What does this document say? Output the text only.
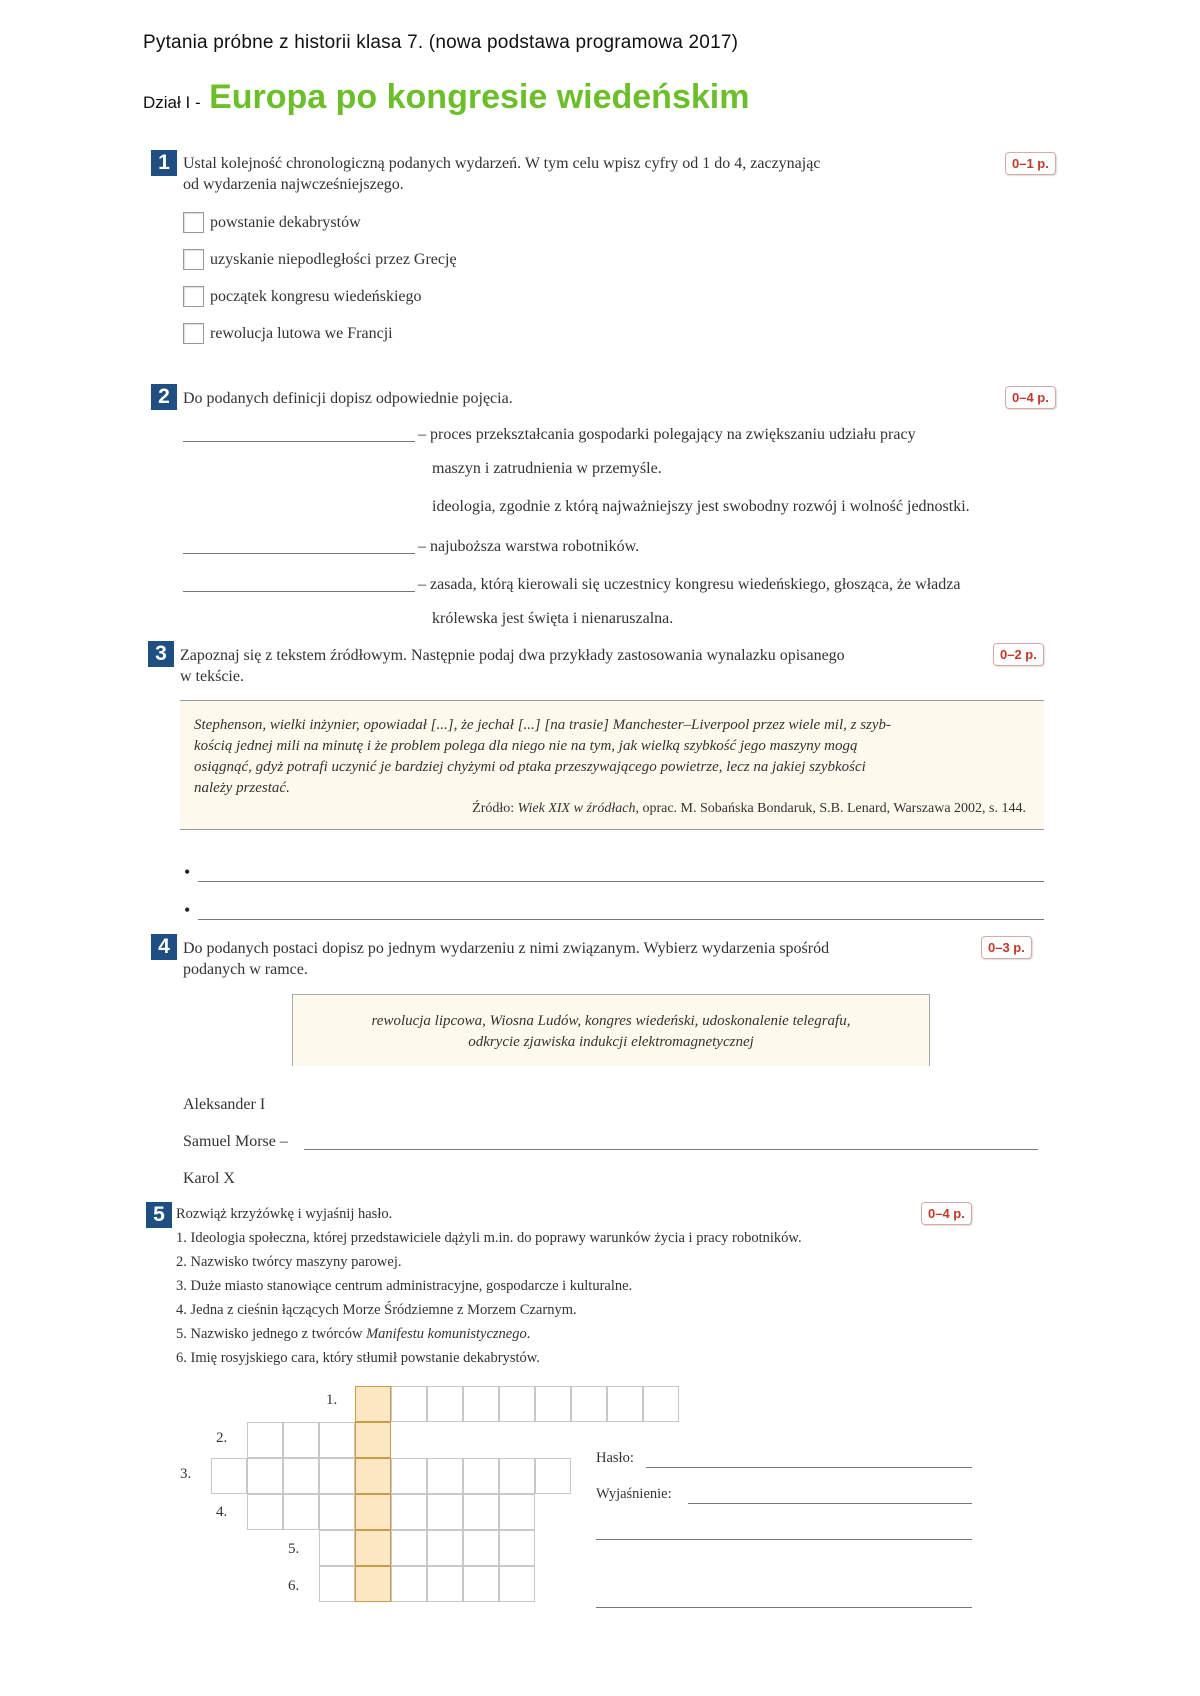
Pytania próbne z historii klasa 7. (nowa podstawa programowa 2017)
Dział I - Europa po kongresie wiedeńskim
1 Ustal kolejność chronologiczną podanych wydarzeń. W tym celu wpisz cyfry od 1 do 4, zaczynając
od wydarzenia najwcześniejszego.
0–1 p.
powstanie dekabrystów
uzyskanie niepodległości przez Grecję
początek kongresu wiedeńskiego
rewolucja lutowa we Francji
2 Do podanych definicji dopisz odpowiednie pojęcia.	0–4 p.
– proces przekształcania gospodarki polegający na zwiększaniu udziału pracy
maszyn i zatrudnienia w przemyśle.
ideologia, zgodnie z którą najważniejszy jest swobodny rozwój i wolność jednostki.
– najuboższa warstwa robotników.
– zasada, którą kierowali się uczestnicy kongresu wiedeńskiego, głosząca, że władza
królewska jest święta i nienaruszalna.
3 Zapoznaj się z tekstem źródłowym. Następnie podaj dwa przykłady zastosowania wynalazku opisanego
w tekście.
0–2 p.
Stephenson, wielki inżynier, opowiadał [...], że jechał [...] [na trasie] Manchester–Liverpool przez wiele mil, z szyb-
kością jednej mili na minutę i że problem polega dla niego nie na tym, jak wielką szybkość jego maszyny mogą
osiągnąć, gdyż potrafi uczynić je bardziej chyżymi od ptaka przeszywającego powietrze, lecz na jakiej szybkości
należy przestać.
Źródło: Wiek XIX w źródłach, oprac. M. Sobańska Bondaruk, S.B. Lenard, Warszawa 2002, s. 144.
•
•
4 Do podanych postaci dopisz po jednym wydarzeniu z nimi związanym. Wybierz wydarzenia spośród
podanych w ramce.
0–3 p.
rewolucja lipcowa, Wiosna Ludów, kongres wiedeński, udoskonalenie telegrafu,
odkrycie zjawiska indukcji elektromagnetycznej
Aleksander I
Samuel Morse –
Karol X
5 Rozwiąż krzyżówkę i wyjaśnij hasło.	0–4 p.
1. Ideologia społeczna, której przedstawiciele dążyli m.in. do poprawy warunków życia i pracy robotników.
2. Nazwisko twórcy maszyny parowej.
3. Duże miasto stanowiące centrum administracyjne, gospodarcze i kulturalne.
4. Jedna z cieśnin łączących Morze Śródziemne z Morzem Czarnym.
5. Nazwisko jednego z twórców Manifestu komunistycznego.
6. Imię rosyjskiego cara, który stłumił powstanie dekabrystów.
1.
2.
3.
4.
5.
6.
Hasło:
Wyjaśnienie:
